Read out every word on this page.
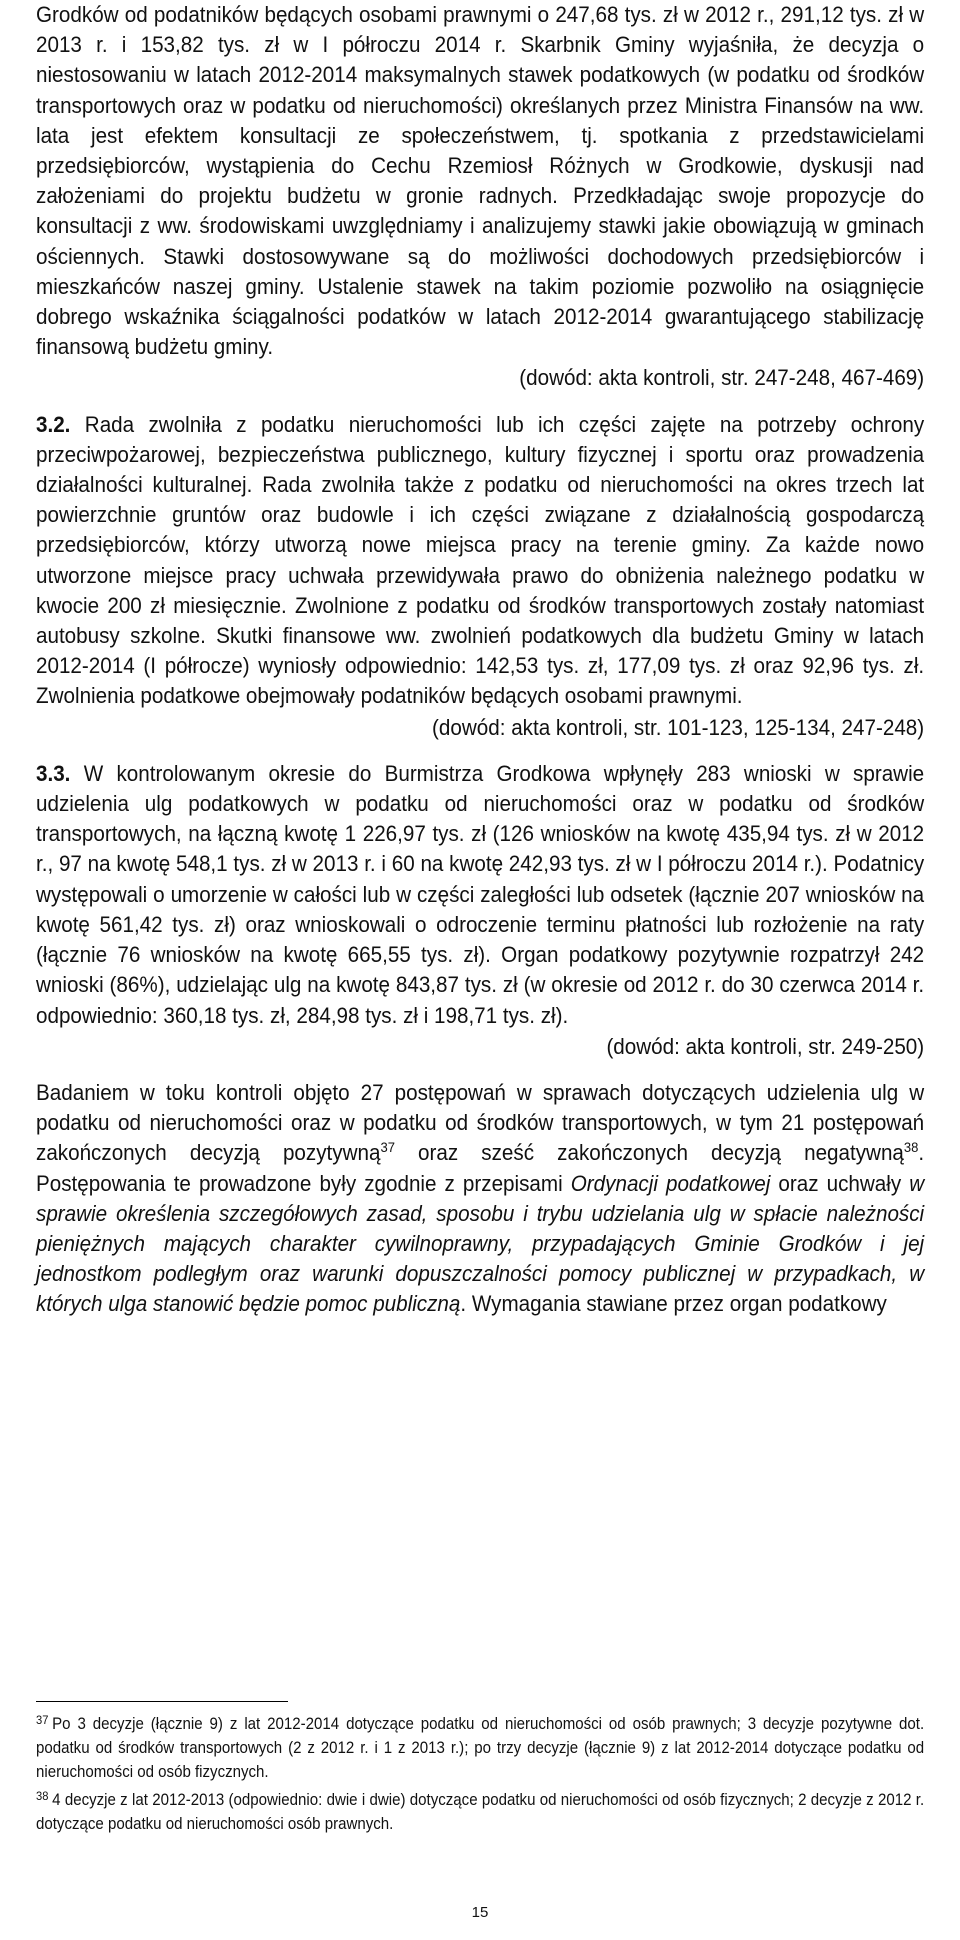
Grodków od podatników będących osobami prawnymi o 247,68 tys. zł w 2012 r., 291,12 tys. zł w 2013 r. i 153,82 tys. zł w I półroczu 2014 r. Skarbnik Gminy wyjaśniła, że decyzja o niestosowaniu w latach 2012-2014 maksymalnych stawek podatkowych (w podatku od środków transportowych oraz w podatku od nieruchomości) określanych przez Ministra Finansów na ww. lata jest efektem konsultacji ze społeczeństwem, tj. spotkania z przedstawicielami przedsiębiorców, wystąpienia do Cechu Rzemiosł Różnych w Grodkowie, dyskusji nad założeniami do projektu budżetu w gronie radnych. Przedkładając swoje propozycje do konsultacji z ww. środowiskami uwzględniamy i analizujemy stawki jakie obowiązują w gminach ościennych. Stawki dostosowywane są do możliwości dochodowych przedsiębiorców i mieszkańców naszej gminy. Ustalenie stawek na takim poziomie pozwoliło na osiągnięcie dobrego wskaźnika ściągalności podatków w latach 2012-2014 gwarantującego stabilizację finansową budżetu gminy.

(dowód: akta kontroli, str. 247-248, 467-469)

3.2. Rada zwolniła z podatku nieruchomości lub ich części zajęte na potrzeby ochrony przeciwpożarowej, bezpieczeństwa publicznego, kultury fizycznej i sportu oraz prowadzenia działalności kulturalnej. Rada zwolniła także z podatku od nieruchomości na okres trzech lat powierzchnie gruntów oraz budowle i ich części związane z działalnością gospodarczą przedsiębiorców, którzy utworzą nowe miejsca pracy na terenie gminy. Za każde nowo utworzone miejsce pracy uchwała przewidywała prawo do obniżenia należnego podatku w kwocie 200 zł miesięcznie. Zwolnione z podatku od środków transportowych zostały natomiast autobusy szkolne. Skutki finansowe ww. zwolnień podatkowych dla budżetu Gminy w latach 2012-2014 (I półrocze) wyniosły odpowiednio: 142,53 tys. zł, 177,09 tys. zł oraz 92,96 tys. zł. Zwolnienia podatkowe obejmowały podatników będących osobami prawnymi.

(dowód: akta kontroli, str. 101-123, 125-134, 247-248)

3.3. W kontrolowanym okresie do Burmistrza Grodkowa wpłynęły 283 wnioski w sprawie udzielenia ulg podatkowych w podatku od nieruchomości oraz w podatku od środków transportowych, na łączną kwotę 1 226,97 tys. zł (126 wniosków na kwotę 435,94 tys. zł w 2012 r., 97 na kwotę 548,1 tys. zł w 2013 r. i 60 na kwotę 242,93 tys. zł w I półroczu 2014 r.). Podatnicy występowali o umorzenie w całości lub w części zaległości lub odsetek (łącznie 207 wniosków na kwotę 561,42 tys. zł) oraz wnioskowali o odroczenie terminu płatności lub rozłożenie na raty (łącznie 76 wniosków na kwotę 665,55 tys. zł). Organ podatkowy pozytywnie rozpatrzył 242 wnioski (86%), udzielając ulg na kwotę 843,87 tys. zł (w okresie od 2012 r. do 30 czerwca 2014 r. odpowiednio: 360,18 tys. zł, 284,98 tys. zł i 198,71 tys. zł).

(dowód: akta kontroli, str. 249-250)

Badaniem w toku kontroli objęto 27 postępowań w sprawach dotyczących udzielenia ulg w podatku od nieruchomości oraz w podatku od środków transportowych, w tym 21 postępowań zakończonych decyzją pozytywną$^{37}$ oraz sześć zakończonych decyzją negatywną$^{38}$. Postępowania te prowadzone były zgodnie z przepisami Ordynacji podatkowej oraz uchwały w sprawie określenia szczegółowych zasad, sposobu i trybu udzielania ulg w spłacie należności pieniężnych mających charakter cywilnoprawny, przypadających Gminie Grodków i jej jednostkom podległym oraz warunki dopuszczalności pomocy publicznej w przypadkach, w których ulga stanowić będzie pomoc publiczną. Wymagania stawiane przez organ podatkowy

$^{37}$ Po 3 decyzje (łącznie 9) z lat 2012-2014 dotyczące podatku od nieruchomości od osób prawnych; 3 decyzje pozytywne dot. podatku od środków transportowych (2 z 2012 r. i 1 z 2013 r.); po trzy decyzje (łącznie 9) z lat 2012-2014 dotyczące podatku od nieruchomości od osób fizycznych.

$^{38}$ 4 decyzje z lat 2012-2013 (odpowiednio: dwie i dwie) dotyczące podatku od nieruchomości od osób fizycznych; 2 decyzje z 2012 r. dotyczące podatku od nieruchomości osób prawnych.

15
